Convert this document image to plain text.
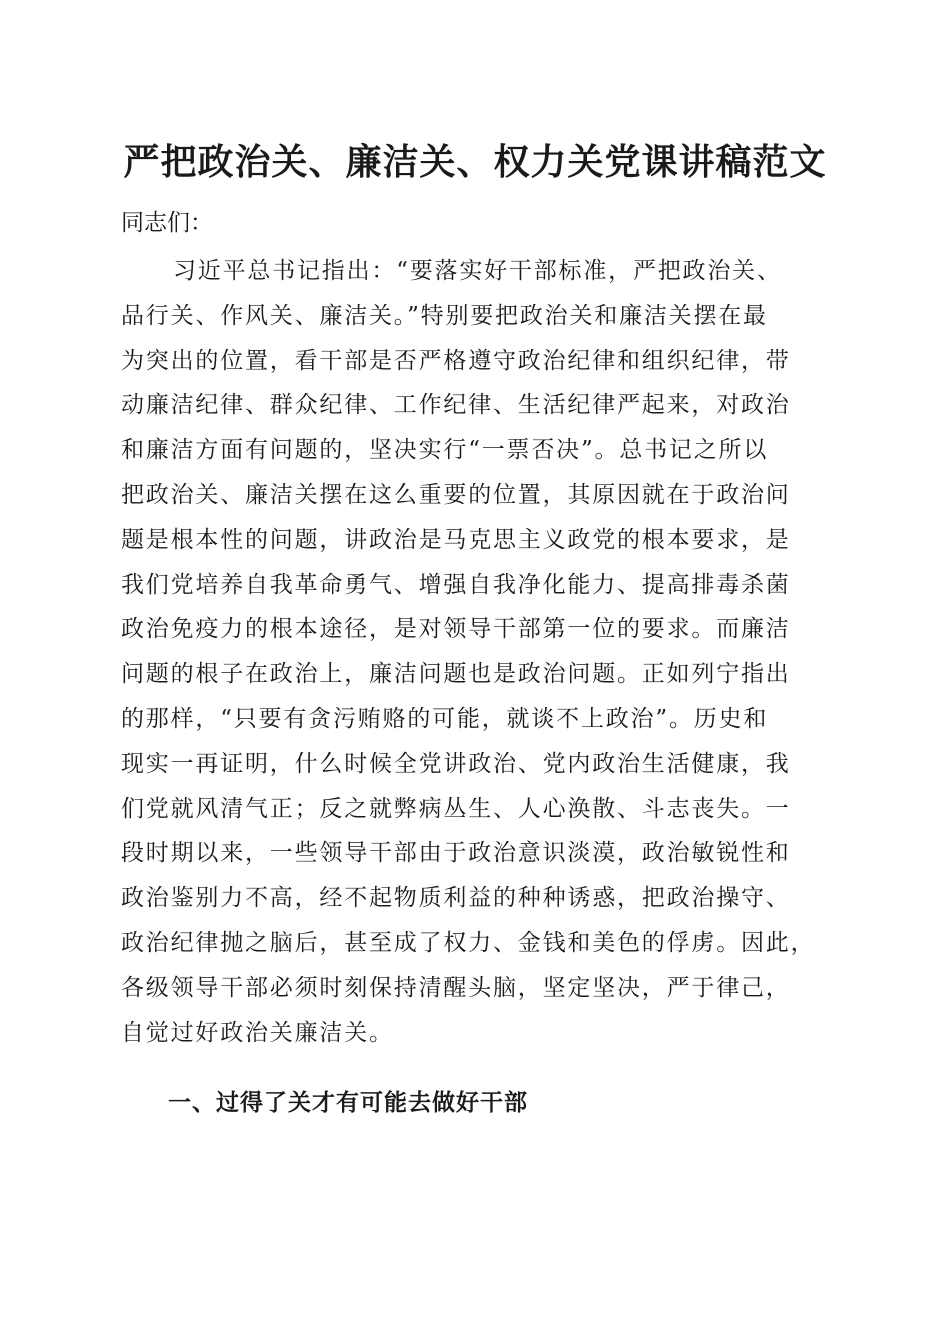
严把政治关、廉洁关、权力关党课讲稿范文

同志们：

习近平总书记指出：“要落实好干部标准，严把政治关、
品行关、作风关、廉洁关。”特别要把政治关和廉洁关摆在最
为突出的位置，看干部是否严格遵守政治纪律和组织纪律，带
动廉洁纪律、群众纪律、工作纪律、生活纪律严起来，对政治
和廉洁方面有问题的，坚决实行“一票否决”。总书记之所以
把政治关、廉洁关摆在这么重要的位置，其原因就在于政治问
题是根本性的问题，讲政治是马克思主义政党的根本要求，是
我们党培养自我革命勇气、增强自我净化能力、提高排毒杀菌
政治免疫力的根本途径，是对领导干部第一位的要求。而廉洁
问题的根子在政治上，廉洁问题也是政治问题。正如列宁指出
的那样，“只要有贪污贿赂的可能，就谈不上政治”。历史和
现实一再证明，什么时候全党讲政治、党内政治生活健康，我
们党就风清气正；反之就弊病丛生、人心涣散、斗志丧失。一
段时期以来，一些领导干部由于政治意识淡漠，政治敏锐性和
政治鉴别力不高，经不起物质利益的种种诱惑，把政治操守、
政治纪律抛之脑后，甚至成了权力、金钱和美色的俘虏。因此，
各级领导干部必须时刻保持清醒头脑，坚定坚决，严于律己，
自觉过好政治关廉洁关。
一、过得了关才有可能去做好干部
